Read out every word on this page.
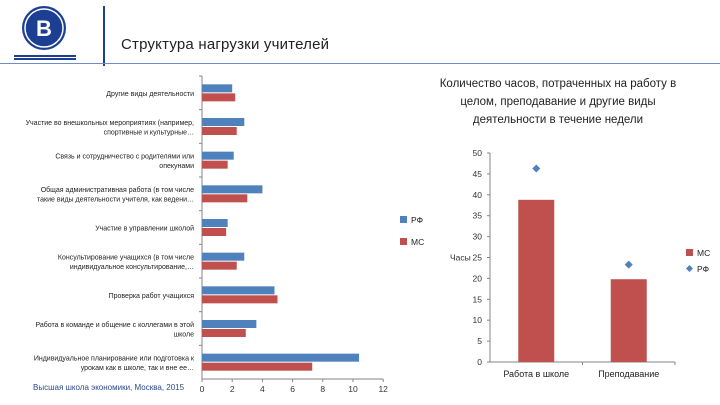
В
Структура нагрузки учителей
0	2	4	6	8	10 12
Другие виды деятельности
Участие во внешкольных мероприятиях (например, спортивные и культурные…
Связь и сотрудничество с родителями или опекунами
Общая административная работа (в том числе такие виды деятельности учителя, как ведени…
Участие в управлении школой
Консультирование учащихся (в том числе индивидуальное консультирование,…
Проверка работ учащихся
Работа в команде и общение с коллегами в этой школе
Индивидуальное планирование или подготовка к урокам как в школе, так и вне ее…
РФ
MC
Количество часов, потраченных на работу в целом, преподавание и другие виды деятельности в течение недели
0
5
10
15
20
25
30
35
40
45
50
Часы
Работа в школе	Преподавание
MC
РФ
Высшая школа экономики, Москва, 2015
